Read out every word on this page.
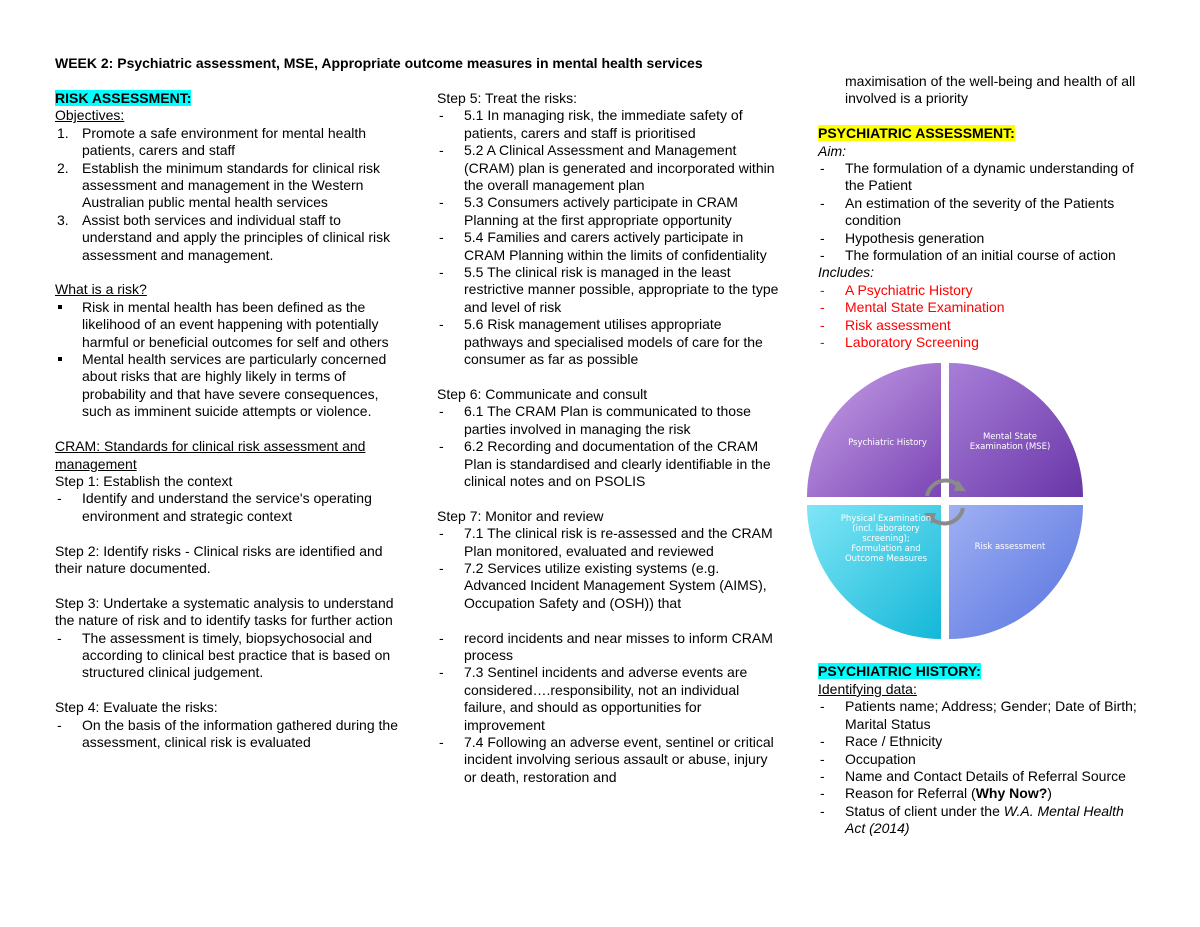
WEEK 2: Psychiatric assessment, MSE, Appropriate outcome measures in mental health services

RISK ASSESSMENT:

Objectives:

1. Promote a safe environment for mental health patients, carers and staff
2. Establish the minimum standards for clinical risk assessment and management in the Western Australian public mental health services
3. Assist both services and individual staff to understand and apply the principles of clinical risk assessment and management.

What is a risk?

Risk in mental health has been defined as the likelihood of an event happening with potentially harmful or beneficial outcomes for self and others
Mental health services are particularly concerned about risks that are highly likely in terms of probability and that have severe consequences, such as imminent suicide attempts or violence.

CRAM: Standards for clinical risk assessment and management

Step 1: Establish the context

- Identify and understand the service's operating environment and strategic context

Step 2: Identify risks - Clinical risks are identified and their nature documented.

Step 3: Undertake a systematic analysis to understand the nature of risk and to identify tasks for further action

- The assessment is timely, biopsychosocial and according to clinical best practice that is based on structured clinical judgement.

Step 4: Evaluate the risks:

- On the basis of the information gathered during the assessment, clinical risk is evaluated

Step 5: Treat the risks:

- 5.1 In managing risk, the immediate safety of patients, carers and staff is prioritised
- 5.2 A Clinical Assessment and Management (CRAM) plan is generated and incorporated within the overall management plan
- 5.3 Consumers actively participate in CRAM Planning at the first appropriate opportunity
- 5.4 Families and carers actively participate in CRAM Planning within the limits of confidentiality
- 5.5 The clinical risk is managed in the least restrictive manner possible, appropriate to the type and level of risk
- 5.6 Risk management utilises appropriate pathways and specialised models of care for the consumer as far as possible

Step 6: Communicate and consult

- 6.1 The CRAM Plan is communicated to those parties involved in managing the risk
- 6.2 Recording and documentation of the CRAM Plan is standardised and clearly identifiable in the clinical notes and on PSOLIS

Step 7: Monitor and review

- 7.1 The clinical risk is re-assessed and the CRAM Plan monitored, evaluated and reviewed
- 7.2 Services utilize existing systems (e.g. Advanced Incident Management System (AIMS), Occupation Safety and (OSH)) that
- record incidents and near misses to inform CRAM process
- 7.3 Sentinel incidents and adverse events are considered….responsibility, not an individual failure, and should as opportunities for improvement
- 7.4 Following an adverse event, sentinel or critical incident involving serious assault or abuse, injury or death, restoration and

maximisation of the well-being and health of all involved is a priority

PSYCHIATRIC ASSESSMENT:

Aim:

- The formulation of a dynamic understanding of the Patient
- An estimation of the severity of the Patients condition
- Hypothesis generation
- The formulation of an initial course of action

Includes:

- A Psychiatric History
- Mental State Examination
- Risk assessment
- Laboratory Screening
Psychiatric History
Mental State Examination (MSE)
Physical Examination (incl. laboratory screening); Formulation and Outcome Measures
Risk assessment

PSYCHIATRIC HISTORY:

Identifying data:

- Patients name; Address; Gender; Date of Birth; Marital Status
- Race / Ethnicity
- Occupation
- Name and Contact Details of Referral Source
- Reason for Referral (Why Now?)
- Status of client under the W.A. Mental Health Act (2014)
